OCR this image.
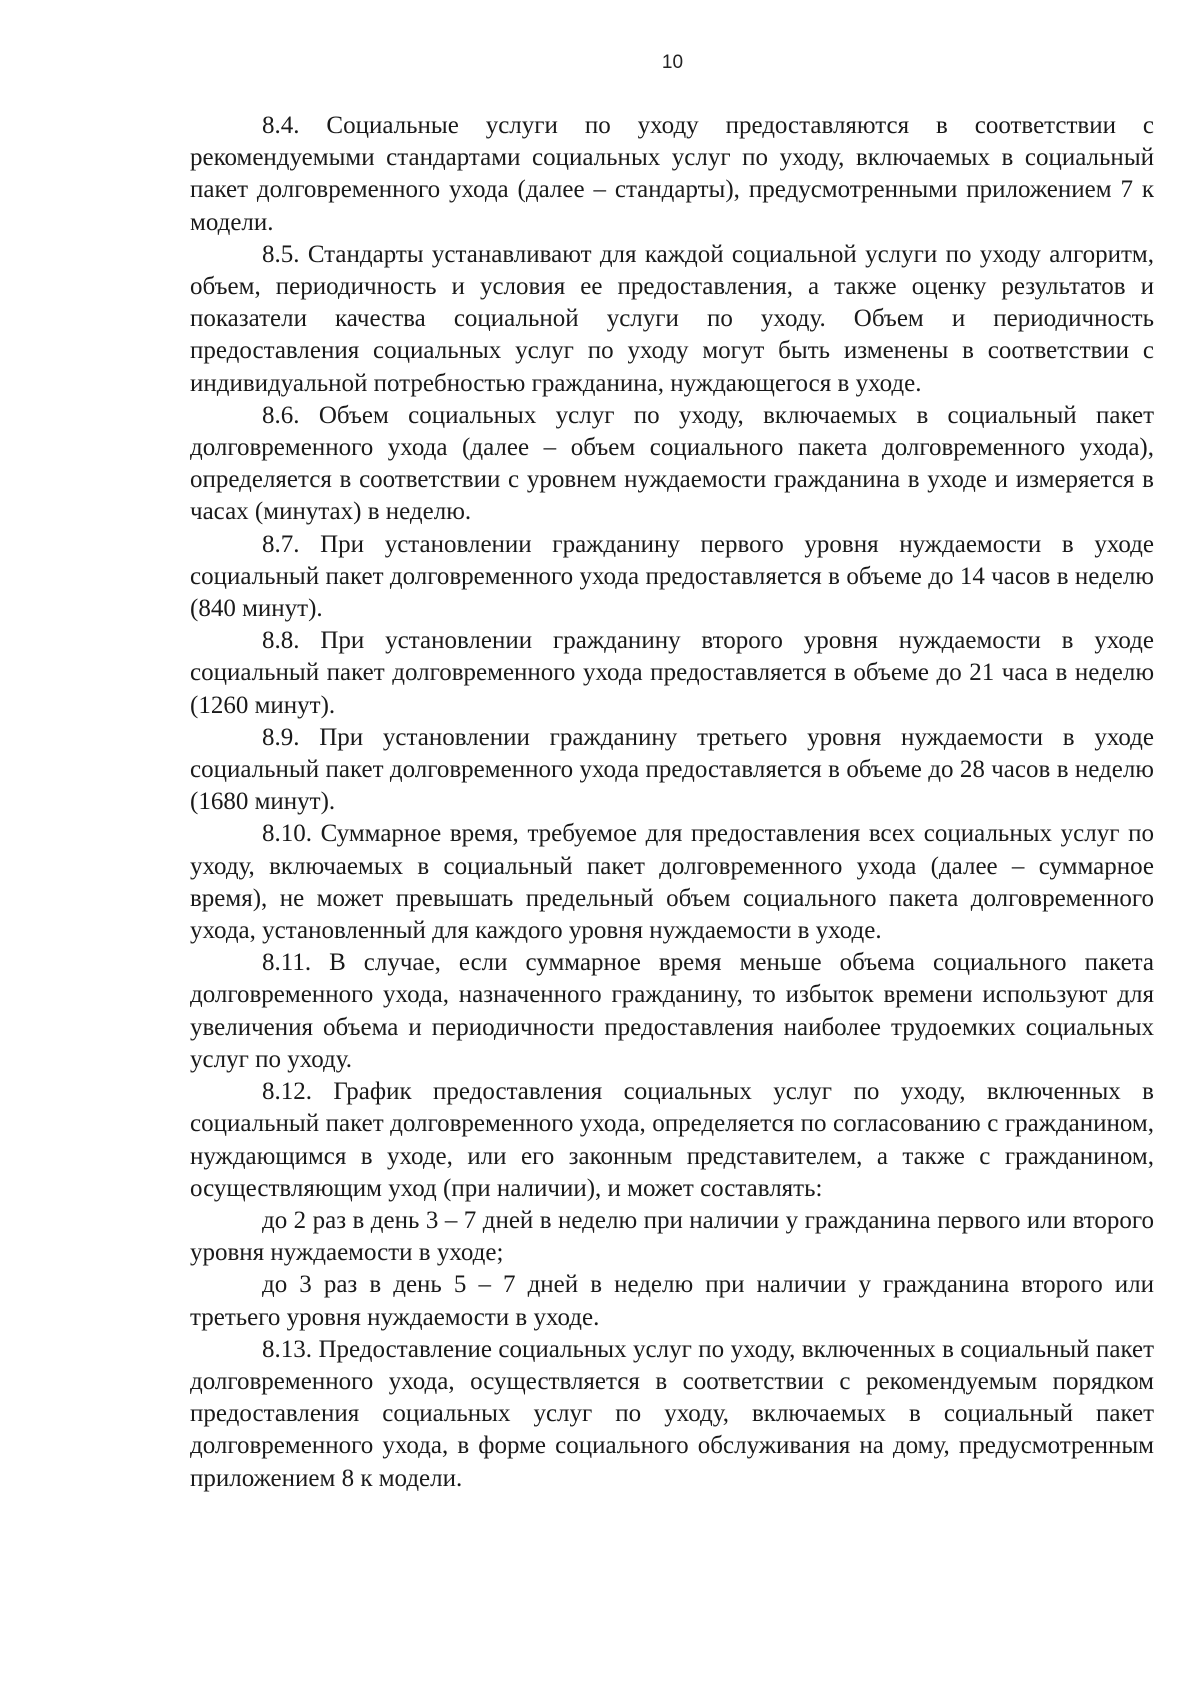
10

8.4. Социальные услуги по уходу предоставляются в соответствии с рекомендуемыми стандартами социальных услуг по уходу, включаемых в социальный пакет долговременного ухода (далее – стандарты), предусмотренными приложением 7 к модели.

8.5. Стандарты устанавливают для каждой социальной услуги по уходу алгоритм, объем, периодичность и условия ее предоставления, а также оценку результатов и показатели качества социальной услуги по уходу. Объем и периодичность предоставления социальных услуг по уходу могут быть изменены в соответствии с индивидуальной потребностью гражданина, нуждающегося в уходе.

8.6. Объем социальных услуг по уходу, включаемых в социальный пакет долговременного ухода (далее – объем социального пакета долговременного ухода), определяется в соответствии с уровнем нуждаемости гражданина в уходе и измеряется в часах (минутах) в неделю.

8.7. При установлении гражданину первого уровня нуждаемости в уходе социальный пакет долговременного ухода предоставляется в объеме до 14 часов в неделю (840 минут).

8.8. При установлении гражданину второго уровня нуждаемости в уходе социальный пакет долговременного ухода предоставляется в объеме до 21 часа в неделю (1260 минут).

8.9. При установлении гражданину третьего уровня нуждаемости в уходе социальный пакет долговременного ухода предоставляется в объеме до 28 часов в неделю (1680 минут).

8.10. Суммарное время, требуемое для предоставления всех социальных услуг по уходу, включаемых в социальный пакет долговременного ухода (далее – суммарное время), не может превышать предельный объем социального пакета долговременного ухода, установленный для каждого уровня нуждаемости в уходе.

8.11. В случае, если суммарное время меньше объема социального пакета долговременного ухода, назначенного гражданину, то избыток времени используют для увеличения объема и периодичности предоставления наиболее трудоемких социальных услуг по уходу.

8.12. График предоставления социальных услуг по уходу, включенных в социальный пакет долговременного ухода, определяется по согласованию с гражданином, нуждающимся в уходе, или его законным представителем, а также с гражданином, осуществляющим уход (при наличии), и может составлять:

до 2 раз в день 3 – 7 дней в неделю при наличии у гражданина первого или второго уровня нуждаемости в уходе;

до 3 раз в день 5 – 7 дней в неделю при наличии у гражданина второго или третьего уровня нуждаемости в уходе.

8.13. Предоставление социальных услуг по уходу, включенных в социальный пакет долговременного ухода, осуществляется в соответствии с рекомендуемым порядком предоставления социальных услуг по уходу, включаемых в социальный пакет долговременного ухода, в форме социального обслуживания на дому, предусмотренным приложением 8 к модели.
